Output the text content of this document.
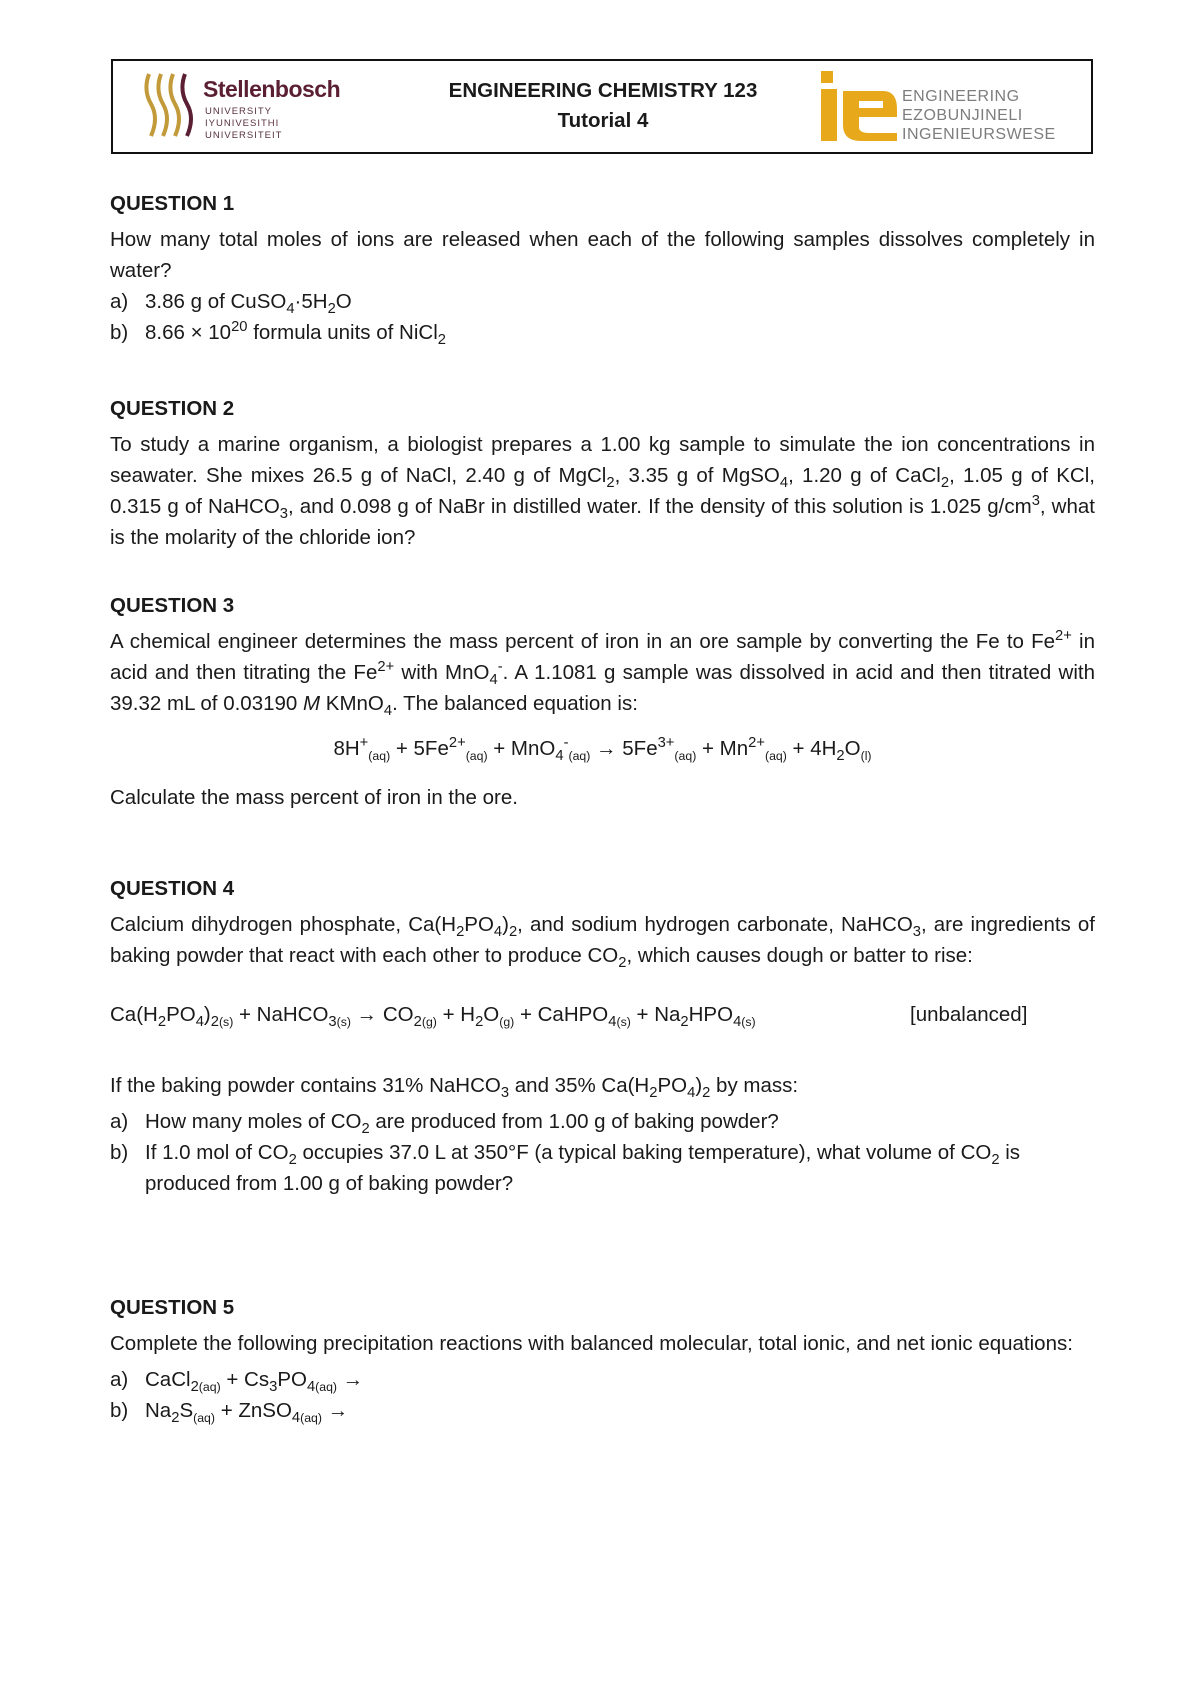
Stellenbosch
UNIVERSITY
IYUNIVESITHI
UNIVERSITEIT
ENGINEERING CHEMISTRY 123
Tutorial 4
ENGINEERING
EZOBUNJINELI
INGENIEURSWESE
QUESTION 1
How many total moles of ions are released when each of the following samples dissolves completely in water?
a) 3.86 g of $CuSO_4\cdot 5H_2O$
b) $8.66 \times 10^{20}$ formula units of NiCl$_2$
QUESTION 2
To study a marine organism, a biologist prepares a 1.00 kg sample to simulate the ion concentrations in seawater. She mixes 26.5 g of NaCl, 2.40 g of MgCl$_2$, 3.35 g of MgSO$_4$, 1.20 g of CaCl$_2$, 1.05 g of KCl, 0.315 g of NaHCO$_3$, and 0.098 g of NaBr in distilled water. If the density of this solution is 1.025 $g/cm^3$, what is the molarity of the chloride ion?
QUESTION 3
A chemical engineer determines the mass percent of iron in an ore sample by converting the Fe to $Fe^{2+}$ in acid and then titrating the $Fe^{2+}$ with MnO$_4$-. A 1.1081 g sample was dissolved in acid and then titrated with 39.32 mL of 0.03190 M KMnO$_4$. The balanced equation is:
$8H^+_{(aq)} + 5Fe^{2+}_{(aq)} + MnO_4^-_{(aq)} \to 5Fe^{3+}_{(aq)} + Mn^{2+}_{(aq)} + 4H_2O_{(l)}$
Calculate the mass percent of iron in the ore.
QUESTION 4
Calcium dihydrogen phosphate, $Ca(H_2PO_4)_2$, and sodium hydrogen carbonate, NaHCO$_3$, are ingredients of baking powder that react with each other to produce $CO_2$, which causes dough or batter to rise:
$Ca(H_2PO_4)_{2(s)}$ + NaHCO$_{3(s)}$ → $CO_{2(g)} + H_2O_{(g)}$ + CaHPO$_{4(s)}$ + $Na_2HPO_{4(s)}$	[unbalanced]
If the baking powder contains 31% NaHCO$_3$ and 35% $Ca(H_2PO_4)_2$ by mass:
a) How many moles of $CO_2$ are produced from 1.00 g of baking powder?
b) If 1.0 mol of $CO_2$ occupies 37.0 L at 350°F (a typical baking temperature), what volume of $CO_2$ is produced from 1.00 g of baking powder?
QUESTION 5
Complete the following precipitation reactions with balanced molecular, total ionic, and net ionic equations:
a) CaCl$_{2(aq)}$ + $Cs_3PO_{4(aq)}$ →
b) $Na_2S_{(aq)}$ + ZnSO$_{4(aq)}$ →
